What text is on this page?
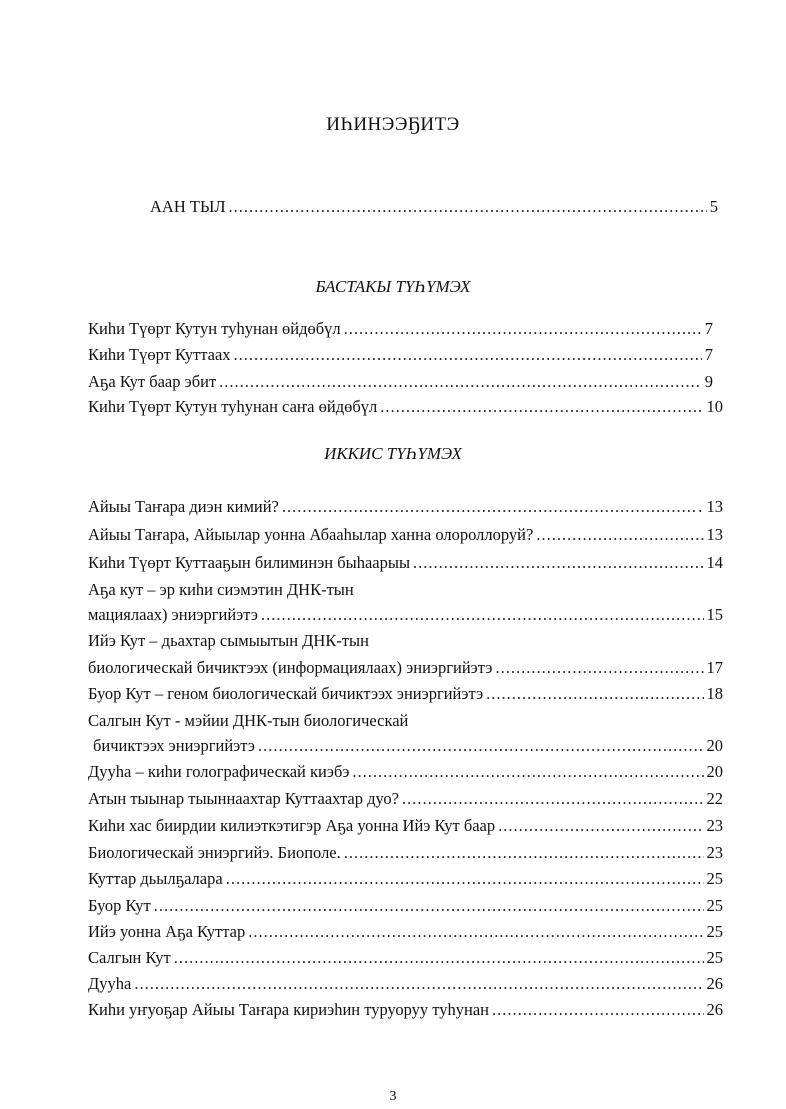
ИҺИНЭЭҔИТЭ
ААН ТЫЛ .....	5
БАСТАКЫ ТҮҺҮМЭХ
Киһи Түөрт Кутун туһунан өйдөбүл .....	7
Киһи Түөрт Куттаах .....	7
Аҕа Кут баар эбит .....	9
Киһи Түөрт Кутун туһунан саҥа өйдөбүл .....	10
ИККИС ТҮҺҮМЭХ
Айыы Таҥара диэн кимий? .....	. 13
Айыы Таҥара, Айыылар уонна Абааһылар ханна олороллоруй? .....	13
Киһи Түөрт Куттааҕын билиминэн быһаарыы .....	14
Аҕа кут – эр киһи сиэмэтин ДНК-тын
мациялаах) эниэргийэтэ .....	15
Ийэ Кут – дьахтар сымыытын ДНК-тын
биологическай бичиктээх (информациялаах) эниэргийэтэ .....	17
Буор Кут – геном биологическай бичиктээх эниэргийэтэ .....	18
Салгын Кут - мэйии ДНК-тын биологическай
бичиктээх эниэргийэтэ .....	20
Дууһа – киһи голографическай киэбэ .....	20
Атын тыынар тыыннаахтар Куттаахтар дуо? .....	22
Киһи хас биирдии килиэткэтигэр Аҕа уонна Ийэ Кут баар .....	23
Биологическай эниэргийэ. Биополе. .....	23
Куттар дьылҕалара .....	25
Буор Кут .....	25
Ийэ уонна Аҕа Куттар .....	25
Салгын Кут .....	25
Дууһа .....	26
Киһи уҥуоҕар Айыы Таҥара кириэһин туруоруу туһунан .....	26
3
